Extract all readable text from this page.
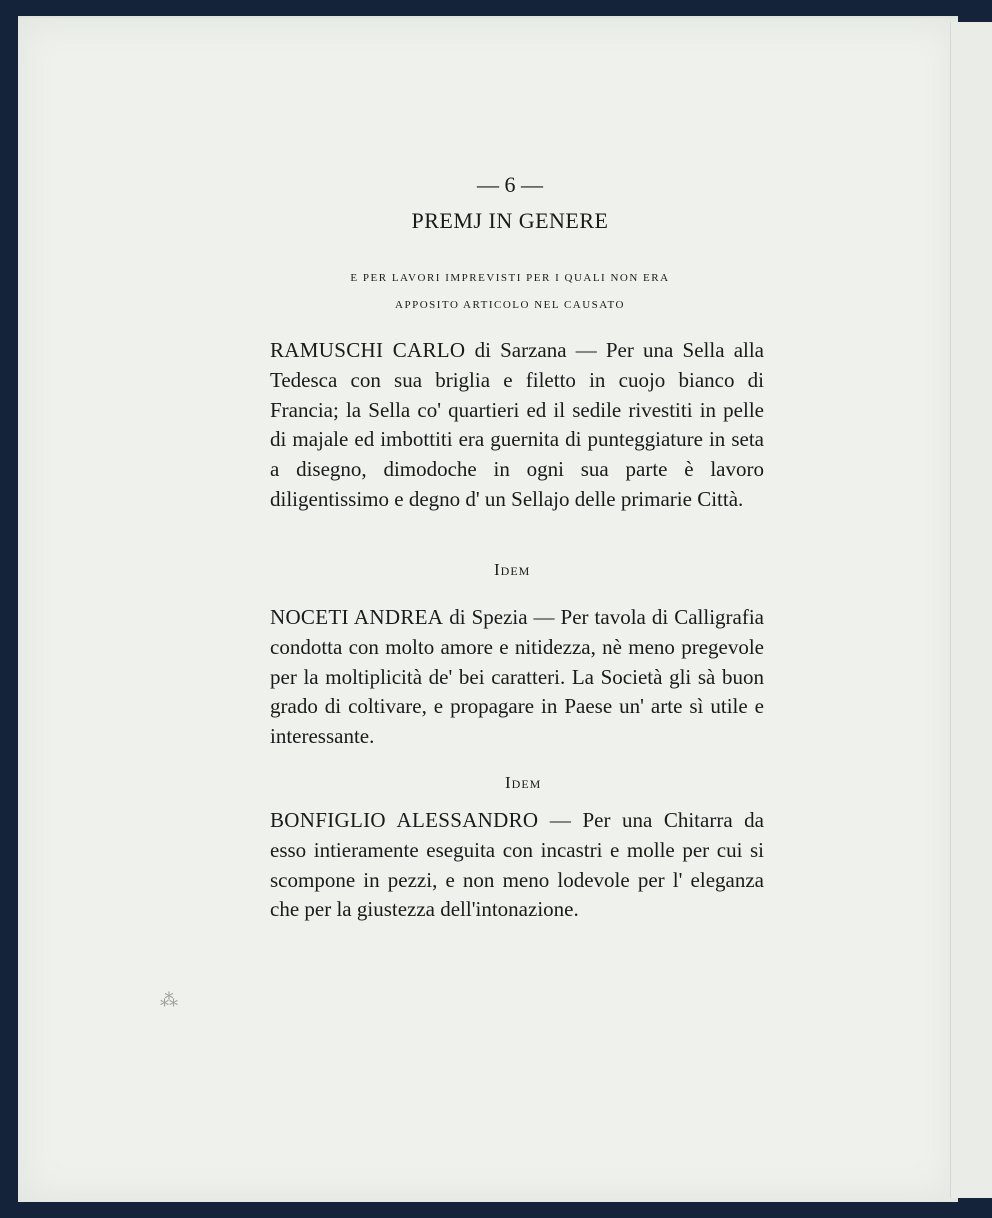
— 6 —
PREMJ IN GENERE
E PER LAVORI IMPREVISTI PER I QUALI NON ERA
APPOSITO ARTICOLO NEL CAUSATO
RAMUSCHI CARLO di Sarzana — Per una Sella alla Tedesca con sua briglia e filetto in cuojo bianco di Francia; la Sella co' quartieri ed il sedile rivestiti in pelle di majale ed imbottiti era guernita di punteggiature in seta a disegno, dimodoche in ogni sua parte è lavoro diligentissimo e degno d' un Sellajo delle primarie Città.
Idem
NOCETI ANDREA di Spezia — Per tavola di Calligrafia condotta con molto amore e nitidezza, nè meno pregevole per la moltiplicità de' bei caratteri. La Società gli sà buon grado di coltivare, e propagare in Paese un' arte sì utile e interessante.
Idem
BONFIGLIO ALESSANDRO — Per una Chitarra da esso intieramente eseguita con incastri e molle per cui si scompone in pezzi, e non meno lodevole per l' eleganza che per la giustezza dell'intonazione.
⁂
